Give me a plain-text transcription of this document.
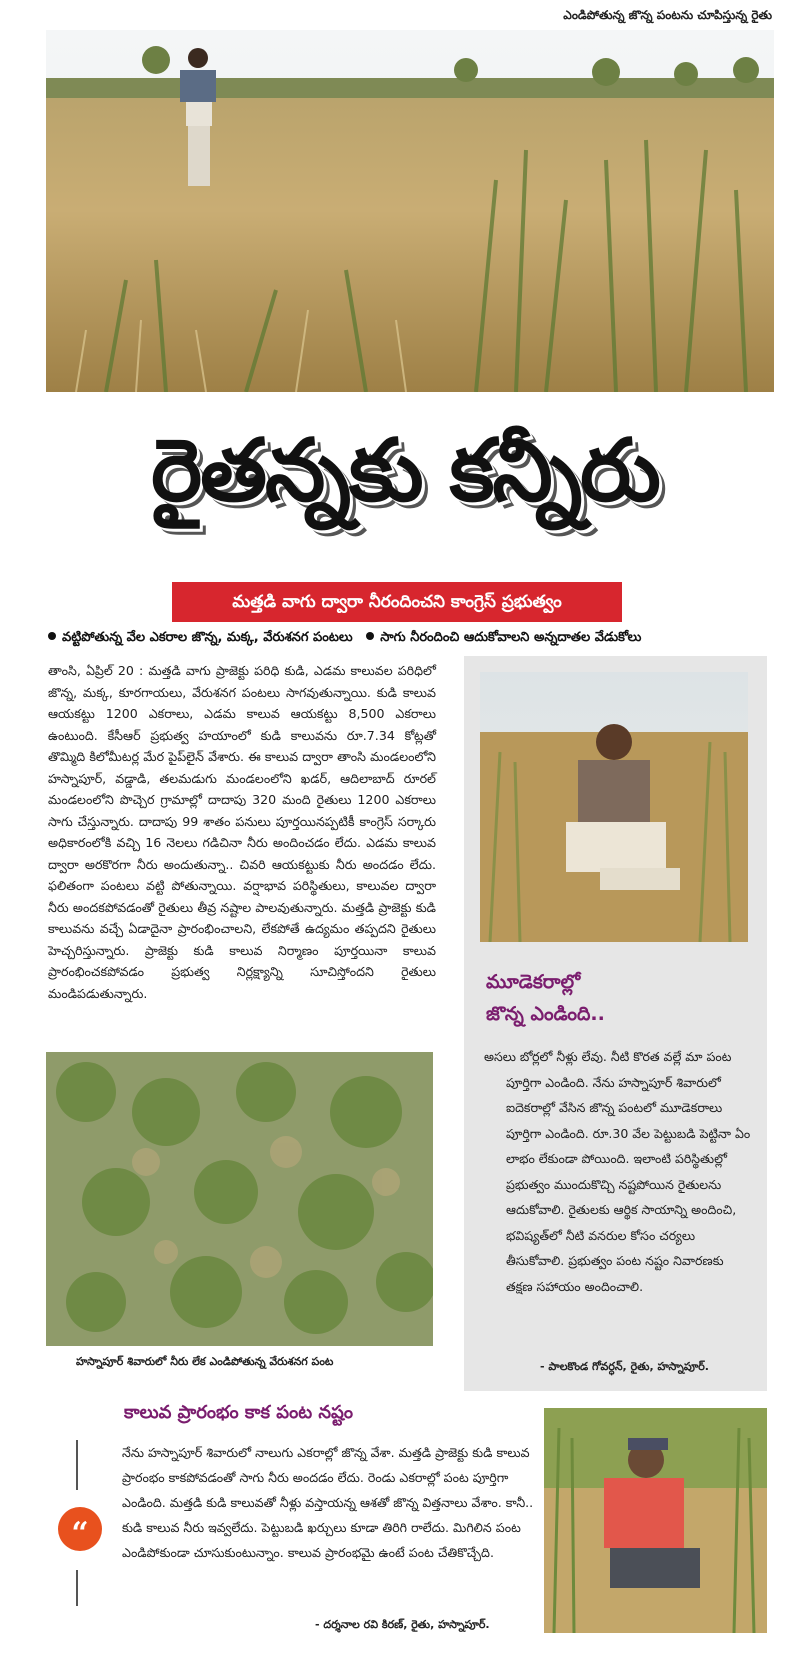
ఎండిపోతున్న జొన్న పంటను చూపిస్తున్న రైతు
రైతన్నకు కన్నీరు
మత్తడి వాగు ద్వారా నీరందించని కాంగ్రెస్ ప్రభుత్వం
వట్టిపోతున్న వేల ఎకరాల జొన్న, మక్క, వేరుశనగ పంటలు సాగు నీరందించి ఆదుకోవాలని అన్నదాతల వేడుకోలు
తాంసి, ఏప్రిల్ 20 : మత్తడి వాగు ప్రాజెక్టు పరిధి కుడి, ఎడమ కాలువల పరిధిలో జొన్న, మక్క, కూరగాయలు, వేరుశనగ పంటలు సాగవుతున్నాయి. కుడి కాలువ ఆయకట్టు 1200 ఎకరాలు, ఎడమ కాలువ ఆయకట్టు 8,500 ఎకరాలు ఉంటుంది. కేసీఆర్ ప్రభుత్వ హయాంలో కుడి కాలువను రూ.7.34 కోట్లతో తొమ్మిది కిలోమీటర్ల మేర పైప్‌లైన్ వేశారు. ఈ కాలువ ద్వారా తాంసి మండలంలోని హస్నాపూర్, వడ్డాడి, తలమడుగు మండలంలోని ఖడర్, ఆదిలాబాద్ రూరల్ మండలంలోని పొచ్చెర గ్రామాల్లో దాదాపు 320 మంది రైతులు 1200 ఎకరాలు సాగు చేస్తున్నారు. దాదాపు 99 శాతం పనులు పూర్తయినప్పటికీ కాంగ్రెస్ సర్కారు అధికారంలోకి వచ్చి 16 నెలలు గడిచినా నీరు అందించడం లేదు. ఎడమ కాలువ ద్వారా అరకొరగా నీరు అందుతున్నా.. చివరి ఆయకట్టుకు నీరు అందడం లేదు. ఫలితంగా పంటలు వట్టి పోతున్నాయి. వర్షాభావ పరిస్థితులు, కాలువల ద్వారా నీరు అందకపోవడంతో రైతులు తీవ్ర నష్టాల పాలవుతున్నారు. మత్తడి ప్రాజెక్టు కుడి కాలువను వచ్చే ఏడాదైనా ప్రారంభించాలని, లేకపోతే ఉద్యమం తప్పదని రైతులు హెచ్చరిస్తున్నారు. ప్రాజెక్టు కుడి కాలువ నిర్మాణం పూర్తయినా కాలువ ప్రారంభించకపోవడం ప్రభుత్వ నిర్లక్ష్యాన్ని సూచిస్తోందని రైతులు మండిపడుతున్నారు.
హస్నాపూర్ శివారులో నీరు లేక ఎండిపోతున్న వేరుశనగ పంట
మూడెకరాల్లో
జొన్న ఎండింది..

అసలు బోర్లలో నీళ్లు లేవు. నీటి కొరత వల్లే మా పంట పూర్తిగా ఎండింది. నేను హస్నాపూర్ శివారులో ఐదెకరాల్లో వేసిన జొన్న పంటలో మూడెకరాలు పూర్తిగా ఎండింది. రూ.30 వేల పెట్టుబడి పెట్టినా ఏం లాభం లేకుండా పోయింది. ఇలాంటి పరిస్థితుల్లో ప్రభుత్వం ముందుకొచ్చి నష్టపోయిన రైతులను ఆదుకోవాలి. రైతులకు ఆర్థిక సాయాన్ని అందించి, భవిష్యత్‌లో నీటి వనరుల కోసం చర్యలు తీసుకోవాలి. ప్రభుత్వం పంట నష్టం నివారణకు తక్షణ సహాయం అందించాలి.

- పాలకొండ గోవర్ధన్, రైతు, హస్నాపూర్.
కాలువ ప్రారంభం కాక పంట నష్టం
“
నేను హస్నాపూర్ శివారులో నాలుగు ఎకరాల్లో జొన్న వేశా. మత్తడి ప్రాజెక్టు కుడి కాలువ ప్రారంభం కాకపోవడంతో సాగు నీరు అందడం లేదు. రెండు ఎకరాల్లో పంట పూర్తిగా ఎండింది. మత్తడి కుడి కాలువతో నీళ్లు వస్తాయన్న ఆశతో జొన్న విత్తనాలు వేశాం. కానీ.. కుడి కాలువ నీరు ఇవ్వలేదు. పెట్టుబడి ఖర్చులు కూడా తిరిగి రాలేదు. మిగిలిన పంట ఎండిపోకుండా చూసుకుంటున్నాం. కాలువ ప్రారంభమై ఉంటే పంట చేతికొచ్చేది.
- దర్శనాల రవి కిరణ్, రైతు, హస్నాపూర్.
